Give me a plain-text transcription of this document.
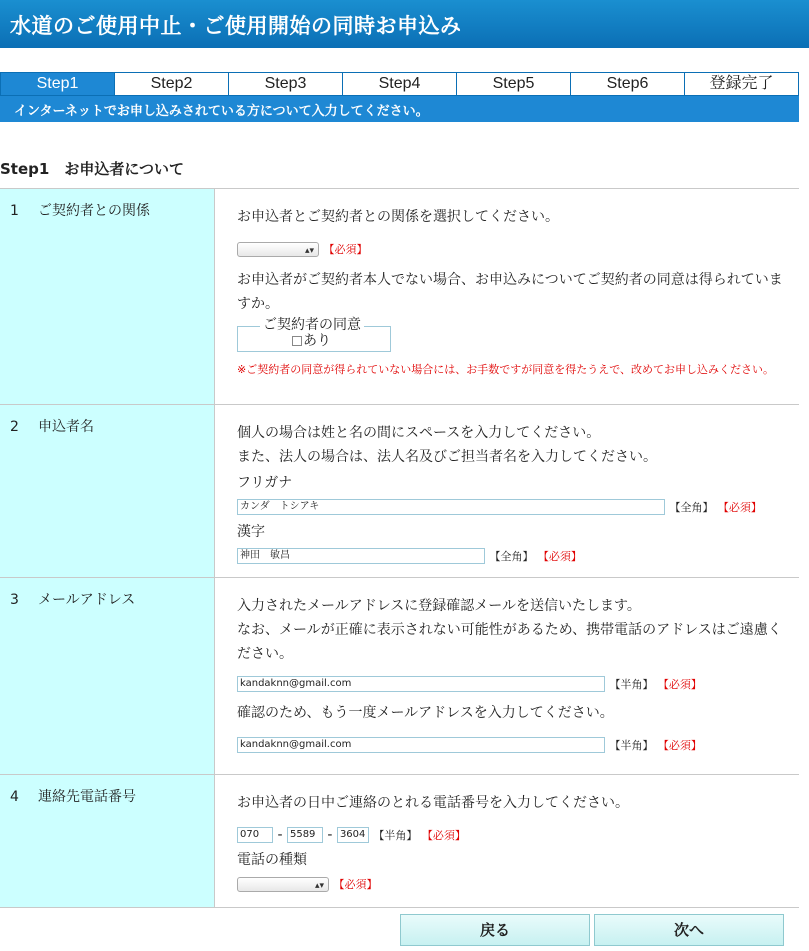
水道のご使用中止・ご使用開始の同時お申込み
Step1	Step2	Step3	Step4	Step5	Step6	登録完了
インターネットでお申し込みされている方について入力してください。
Step1　お申込者について
1 ご契約者との関係	お申込者とご契約者との関係を選択してください。
▴▾ 【必須】
お申込者がご契約者本人でない場合、お申込みについてご契約者の同意は得られていますか。
ご契約者の同意
あり
※ご契約者の同意が得られていない場合には、お手数ですが同意を得たうえで、改めてお申し込みください。
2 申込者名	個人の場合は姓と名の間にスペースを入力してください。
また、法人の場合は、法人名及びご担当者名を入力してください。
フリガナ
カンダ　トシアキ	【全角】 【必須】
漢字
神田　敏昌	【全角】 【必須】
3 メールアドレス	入力されたメールアドレスに登録確認メールを送信いたします。
なお、メールが正確に表示されない可能性があるため、携帯電話のアドレスはご遠慮ください。
kandaknn@gmail.com	【半角】 【必須】
確認のため、もう一度メールアドレスを入力してください。
kandaknn@gmail.com	【半角】 【必須】
4 連絡先電話番号	お申込者の日中ご連絡のとれる電話番号を入力してください。
070 - 5589 - 3604 【半角】 【必須】
電話の種類
▴▾ 【必須】
戻る	次へ
